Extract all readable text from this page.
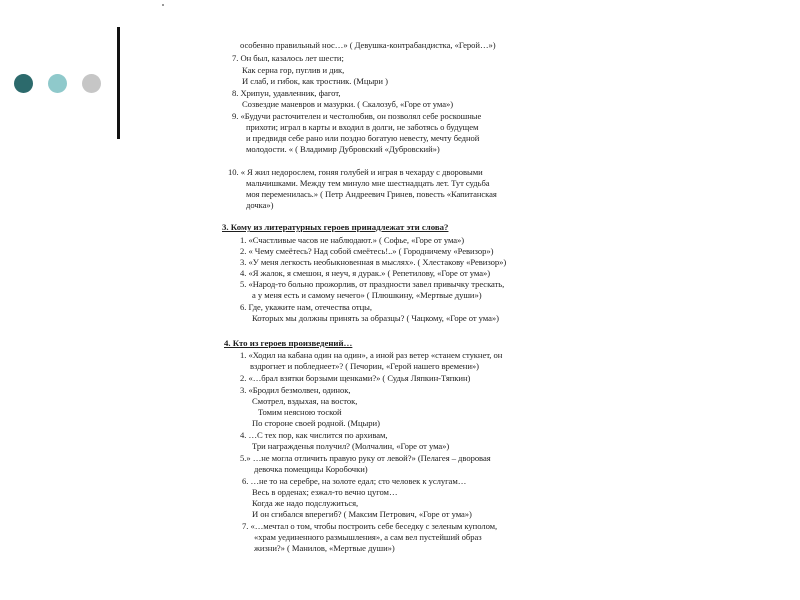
особенно правильный нос…» ( Девушка-контрабандистка, «Герой…»)
7. Он был, казалось лет шести;
Как серна гор, пуглив и дик,
И слаб, и гибок, как тростник. (Мцыри )
8. Хрипун, удавленник, фагот,
Созвездие маневров и мазурки. ( Скалозуб, «Горе от ума»)
9. «Будучи расточителен и честолюбив, он позволял себе роскошные
прихоти; играл в карты и входил в долги, не заботясь о будущем
и предвидя себе рано или поздно богатую невесту, мечту бедной
молодости. « ( Владимир Дубровский «Дубровский»)
10. « Я жил недорослем, гоняя голубей и играя в чехарду с дворовыми
мальчишками. Между тем минуло мне шестнадцать лет. Тут судьба
моя переменилась.» ( Петр Андреевич Гринев, повесть «Капитанская
дочка»)
3. Кому из литературных героев принадлежат эти слова?
1. «Счастливые часов не наблюдают.» ( Софье, «Горе от ума»)
2. « Чему смеётесь? Над собой смеётесь!..» ( Городничему «Ревизор»)
3. «У меня легкость необыкновенная в мыслях». ( Хлестакову «Ревизор»)
4. «Я жалок, я смешон, я неуч, я дурак.» ( Репетилову, «Горе от ума»)
5. «Народ-то больно прожорлив, от праздности завел привычку трескать,
а у меня есть и самому нечего» ( Плюшкину, «Мертвые души»)
6. Где, укажите нам, отечества отцы,
Которых мы должны принять за образцы? ( Чацкому, «Горе от ума»)
4. Кто из героев произведений…
1. «Ходил на кабана один на один», а иной раз ветер «станем стукнет, он
вздрогнет и побледнеет»? ( Печорин, «Герой нашего времени»)
2. «…брал взятки борзыми щенками?» ( Судья Ляпкин-Тяпкин)
3. «Бродил безмолвен, одинок,
Смотрел, вздыхая, на восток,
Томим неясною тоской
По стороне своей родной. (Мцыри)
4. …С тех пор, как числится по архивам,
Три награжденья получил? (Молчалин, «Горе от ума»)
5.» …не могла отличить правую руку от левой?» (Пелагея – дворовая
девочка помещицы Коробочки)
6. …не то на серебре, на золоте едал; сто человек к услугам…
Весь в орденах; езжал-то вечно цугом…
Когда же надо подслужиться,
И он сгибался вперегиб? ( Максим Петрович, «Горе от ума»)
7. «…мечтал о том, чтобы построить себе беседку с зеленым куполом,
«храм уединенного размышления», а сам вел пустейший образ
жизни?» ( Манилов, «Мертвые души»)
